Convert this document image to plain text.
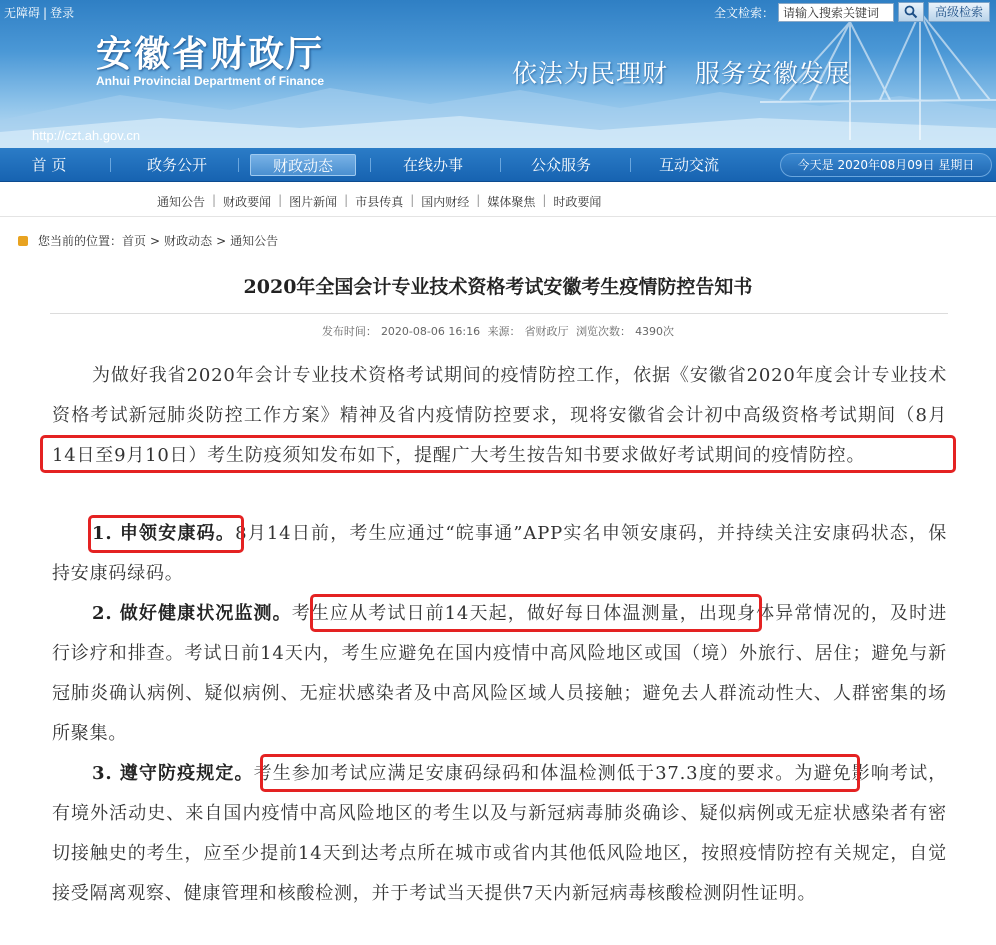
无障碍 | 登录	全文检索：
请输入搜索关键词	高级检索
安徽省财政厅
Anhui Provincial Department of Finance	依法为民理财   服务安徽发展
http://czt.ah.gov.cn
首 页	政务公开	财政动态	在线办事	公众服务	互动交流	今天是 2020年08月09日 星期日
通知公告 | 财政要闻 | 图片新闻 | 市县传真 | 国内财经 | 媒体聚焦 | 时政要闻
您当前的位置： 首页 > 财政动态 > 通知公告
2020年全国会计专业技术资格考试安徽考生疫情防控告知书
发布时间： 2020-08-06 16:16 来源： 省财政厅 浏览次数： 4390次
为做好我省2020年会计专业技术资格考试期间的疫情防控工作，依据《安徽省2020年度会计专业技术资格考试新冠肺炎防控工作方案》精神及省内疫情防控要求，现将安徽省会计初中高级资格考试期间（8月14日至9月10日）考生防疫须知发布如下，提醒广大考生按告知书要求做好考试期间的疫情防控。
1. 申领安康码。8月14日前，考生应通过“皖事通”APP实名申领安康码，并持续关注安康码状态，保持安康码绿码。
2. 做好健康状况监测。考生应从考试日前14天起，做好每日体温测量，出现身体异常情况的，及时进行诊疗和排查。考试日前14天内，考生应避免在国内疫情中高风险地区或国（境）外旅行、居住；避免与新冠肺炎确认病例、疑似病例、无症状感染者及中高风险区域人员接触；避免去人群流动性大、人群密集的场所聚集。
3. 遵守防疫规定。考生参加考试应满足安康码绿码和体温检测低于37.3度的要求。为避免影响考试，有境外活动史、来自国内疫情中高风险地区的考生以及与新冠病毒肺炎确诊、疑似病例或无症状感染者有密切接触史的考生，应至少提前14天到达考点所在城市或省内其他低风险地区，按照疫情防控有关规定，自觉接受隔离观察、健康管理和核酸检测，并于考试当天提供7天内新冠病毒核酸检测阴性证明。
